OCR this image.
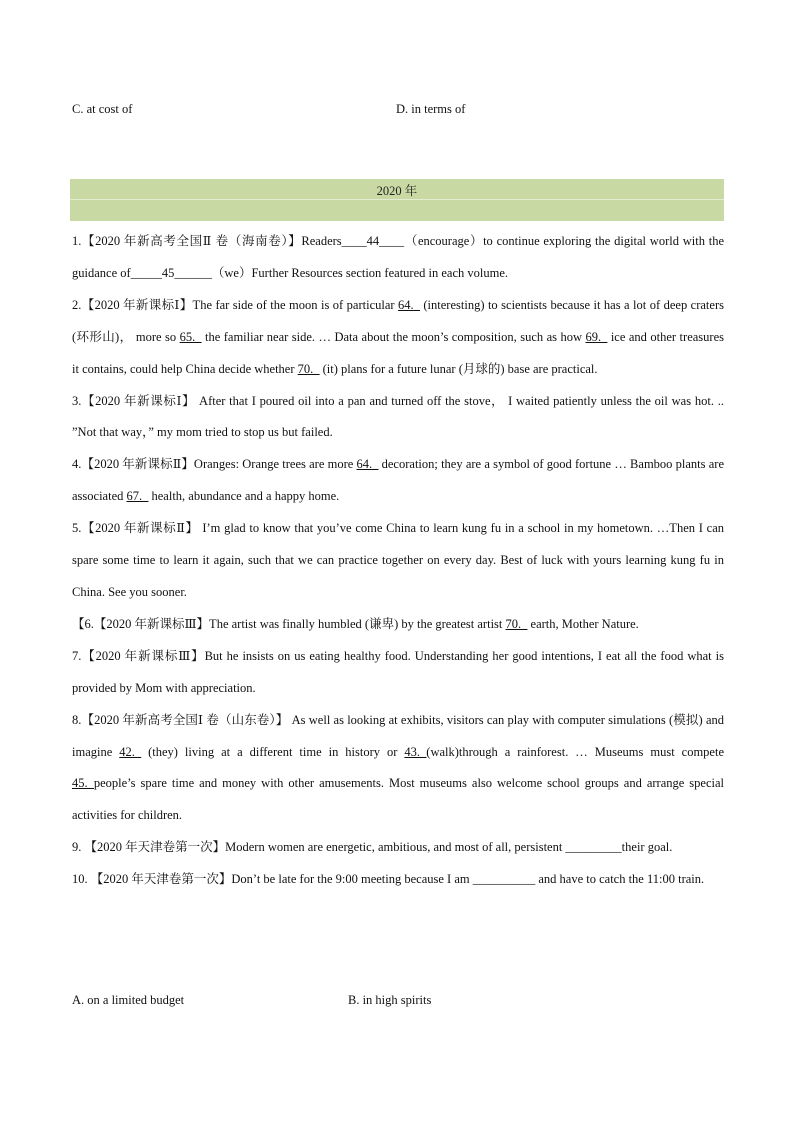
C. at cost of	D. in terms of
2020 年

1.【2020 年新高考全国Ⅱ 卷（海南卷）】Readers____44____（encourage）to continue exploring the digital world with the guidance of_____45______（we）Further Resources section featured in each volume.

2.【2020 年新课标Ⅰ】The far side of the moon is of particular 64._ (interesting) to scientists because it has a lot of deep craters (环形山)， more so 65._ the familiar near side. … Data about the moon’s composition, such as how 69._ ice and other treasures it contains, could help China decide whether 70._ (it) plans for a future lunar (月球的) base are practical.

3.【2020 年新课标Ⅰ】 After that I poured oil into a pan and turned off the stove， I waited patiently unless the oil was hot. .. ”Not that way，” my mom tried to stop us but failed.

4.【2020 年新课标Ⅱ】Oranges: Orange trees are more 64._ decoration; they are a symbol of good fortune … Bamboo plants are associated 67._ health, abundance and a happy home.

5.【2020 年新课标Ⅱ】 I’m glad to know that you’ve come China to learn kung fu in a school in my hometown. …Then I can spare some time to learn it again, such that we can practice together on every day. Best of luck with yours learning kung fu in China. See you sooner.

【6.【2020 年新课标Ⅲ】The artist was finally humbled (谦卑) by the greatest artist 70._ earth, Mother Nature.

7.【2020 年新课标Ⅲ】But he insists on us eating healthy food. Understanding her good intentions, I eat all the food what is provided by Mom with appreciation.

8.【2020 年新高考全国Ⅰ 卷（山东卷）】 As well as looking at exhibits, visitors can play with computer simulations (模拟) and imagine 42._ (they) living at a different time in history or 43._(walk)through a rainforest. … Museums must compete 45._people’s spare time and money with other amusements. Most museums also welcome school groups and arrange special activities for children.

9. 【2020 年天津卷第一次】Modern women are energetic, ambitious, and most of all, persistent _________their goal.

10. 【2020 年天津卷第一次】Don’t be late for the 9:00 meeting because I am __________ and have to catch the 11:00 train.

A. on a limited budget	B. in high spirits
